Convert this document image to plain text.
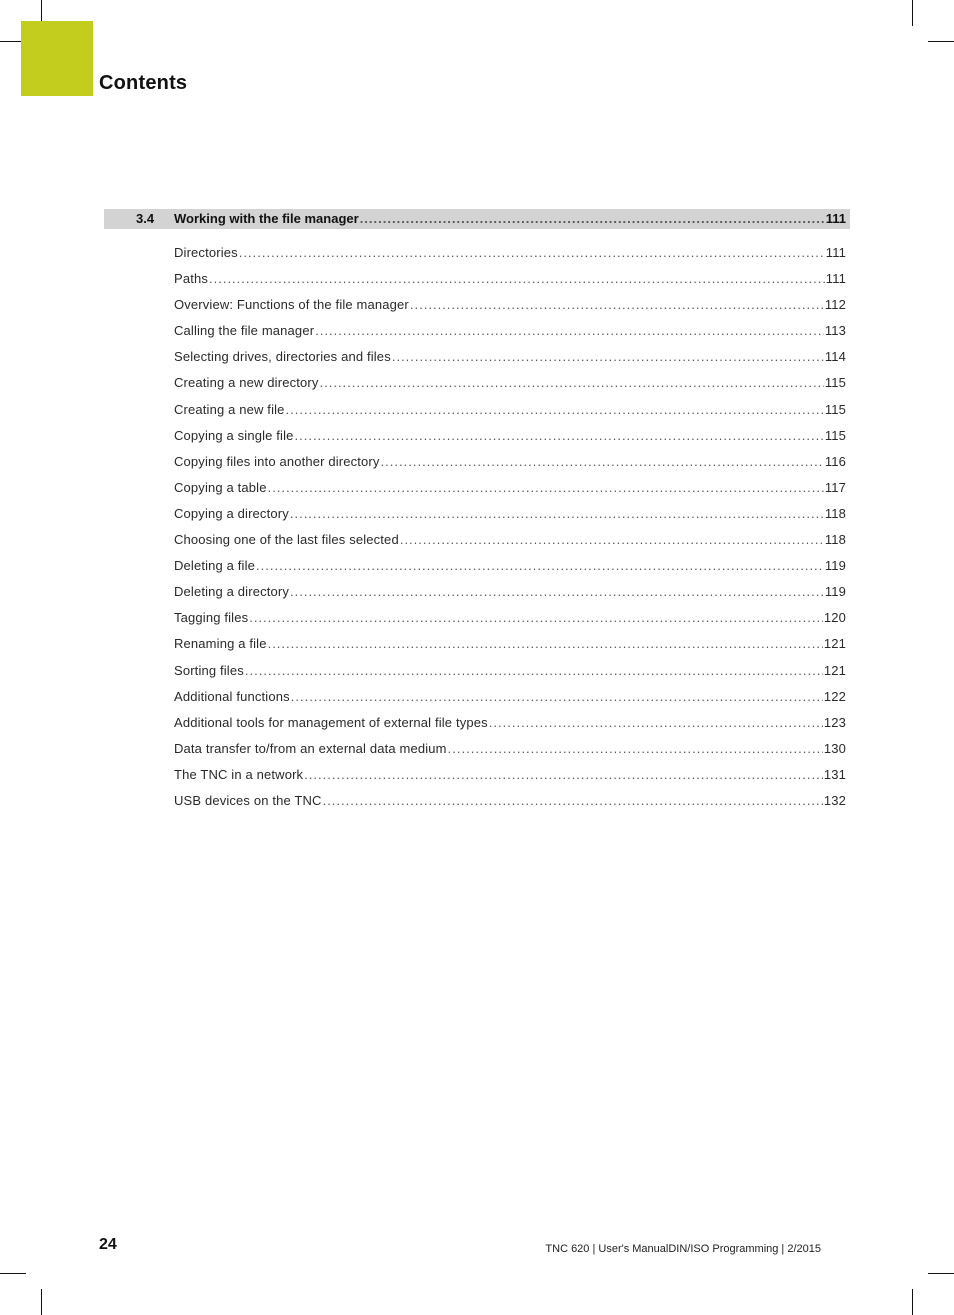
Contents
3.4 Working with the file manager .....	111
Directories .....	111
Paths .....	111
Overview: Functions of the file manager .....	112
Calling the file manager .....	113
Selecting drives, directories and files .....	114
Creating a new directory .....	115
Creating a new file .....	115
Copying a single file .....	115
Copying files into another directory .....	116
Copying a table .....	117
Copying a directory .....	118
Choosing one of the last files selected .....	118
Deleting a file .....	119
Deleting a directory .....	119
Tagging files .....	120
Renaming a file .....	121
Sorting files .....	121
Additional functions .....	122
Additional tools for management of external file types .....	123
Data transfer to/from an external data medium .....	130
The TNC in a network .....	131
USB devices on the TNC .....	132
24	TNC 620 | User's ManualDIN/ISO Programming | 2/2015
